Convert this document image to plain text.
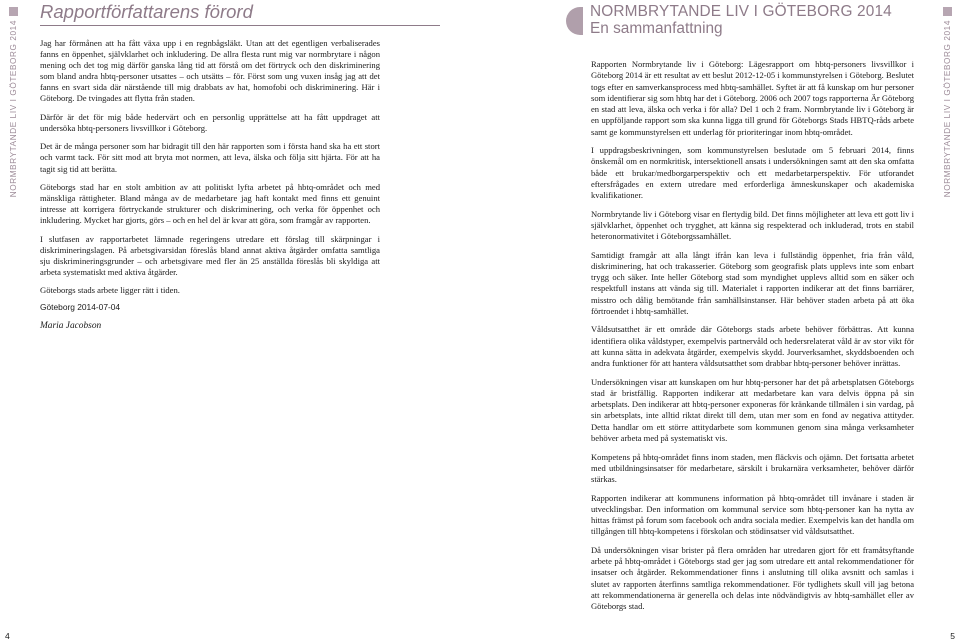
NORMBRYTANDE LIV I GÖTEBORG 2014
Rapportförfattarens förord

Jag har förmånen att ha fått växa upp i en regnbågsläkt. Utan att det egentligen verbaliserades fanns en öppenhet, självklarhet och inkludering. De allra flesta runt mig var normbrytare i någon mening och det tog mig därför ganska lång tid att förstå om det förtryck och den diskriminering som bland andra hbtq-personer utsattes – och utsätts – för. Först som ung vuxen insåg jag att det fanns en svart sida där närstående till mig drabbats av hat, homofobi och diskriminering. Här i Göteborg. De tvingades att flytta från staden.

Därför är det för mig både hedervärt och en personlig upprättelse att ha fått uppdraget att undersöka hbtq-personers livsvillkor i Göteborg.

Det är de många personer som har bidragit till den här rapporten som i första hand ska ha ett stort och varmt tack. För sitt mod att bryta mot normen, att leva, älska och följa sitt hjärta. För att ha tagit sig tid att berätta.

Göteborgs stad har en stolt ambition av att politiskt lyfta arbetet på hbtq-området och med mänskliga rättigheter. Bland många av de medarbetare jag haft kontakt med finns ett genuint intresse att korrigera förtryckande strukturer och diskriminering, och verka för öppenhet och inkludering. Mycket har gjorts, görs – och en hel del är kvar att göra, som framgår av rapporten.

I slutfasen av rapportarbetet lämnade regeringens utredare ett förslag till skärpningar i diskrimineringslagen. På arbetsgivarsidan föreslås bland annat aktiva åtgärder omfatta samtliga sju diskrimineringsgrunder – och arbetsgivare med fler än 25 anställda föreslås bli skyldiga att arbeta systematiskt med aktiva åtgärder.

Göteborgs stads arbete ligger rätt i tiden.

Göteborg 2014-07-04
Maria Jacobson
4
NORMBRYTANDE LIV I GÖTEBORG 2014
En sammanfattning

Rapporten Normbrytande liv i Göteborg: Lägesrapport om hbtq-personers livsvillkor i Göteborg 2014 är ett resultat av ett beslut 2012-12-05 i kommunstyrelsen i Göteborg. Beslutet togs efter en samverkansprocess med hbtq-samhället. Syftet är att få kunskap om hur personer som identifierar sig som hbtq har det i Göteborg. 2006 och 2007 togs rapporterna Är Göteborg en stad att leva, älska och verka i för alla? Del 1 och 2 fram. Normbrytande liv i Göteborg är en uppföljande rapport som ska kunna ligga till grund för Göteborgs Stads HBTQ-råds arbete samt ge kommunstyrelsen ett underlag för prioriteringar inom hbtq-området.

I uppdragsbeskrivningen, som kommunstyrelsen beslutade om 5 februari 2014, finns önskemål om en normkritisk, intersektionell ansats i undersökningen samt att den ska omfatta både ett brukar/medborgarperspektiv och ett medarbetarperspektiv. För utforandet eftersfrågades en extern utredare med erforderliga ämneskunskaper och akademiska kvalifikationer.

Normbrytande liv i Göteborg visar en flertydig bild. Det finns möjligheter att leva ett gott liv i självklarhet, öppenhet och trygghet, att känna sig respekterad och inkluderad, trots en stabil heteronormativitet i Göteborgssamhället.

Samtidigt framgår att alla långt ifrån kan leva i fullständig öppenhet, fria från våld, diskriminering, hat och trakasserier. Göteborg som geografisk plats upplevs inte som enbart trygg och säker. Inte heller Göteborg stad som myndighet upplevs alltid som en säker och respektfull instans att vända sig till. Materialet i rapporten indikerar att det finns barriärer, misstro och dålig bemötande från samhällsinstanser. Här behöver staden arbeta på att öka förtroendet i hbtq-samhället.

Våldsutsatthet är ett område där Göteborgs stads arbete behöver förbättras. Att kunna identifiera olika våldstyper, exempelvis partnervåld och hedersrelaterat våld är av stor vikt för att kunna sätta in adekvata åtgärder, exempelvis skydd. Jourverksamhet, skyddsboenden och andra funktioner för att hantera våldsutsatthet som drabbar hbtq-personer behöver inrättas.

Undersökningen visar att kunskapen om hur hbtq-personer har det på arbetsplatsen Göteborgs stad är bristfällig. Rapporten indikerar att medarbetare kan vara delvis öppna på sin arbetsplats. Den indikerar att hbtq-personer exponeras för kränkande tillmälen i sin vardag, på sin arbetsplats, inte alltid riktat direkt till dem, utan mer som en fond av negativa attityder. Detta handlar om ett större attitydarbete som kommunen genom sina många verksamheter behöver arbeta med på systematiskt vis.

Kompetens på hbtq-området finns inom staden, men fläckvis och ojämn. Det fortsatta arbetet med utbildningsinsatser för medarbetare, särskilt i brukarnära verksamheter, behöver därför stärkas.

Rapporten indikerar att kommunens information på hbtq-området till invånare i staden är utvecklingsbar. Den information om kommunal service som hbtq-personer kan ha nytta av hittas främst på forum som facebook och andra sociala medier. Exempelvis kan det handla om tillgången till hbtq-kompetens i förskolan och stödinsatser vid våldsutsatthet.

Då undersökningen visar brister på flera områden har utredaren gjort för ett framåtsyftande arbete på hbtq-området i Göteborgs stad ger jag som utredare ett antal rekommendationer för insatser och åtgärder. Rekommendationer finns i anslutning till olika avsnitt och samlas i slutet av rapporten återfinns samtliga rekommendationer. För tydlighets skull vill jag betona att rekommendationerna är generella och delas inte nödvändigtvis av hbtq-samhället eller av Göteborgs stad.

NORMBRYTANDE LIV I GÖTEBORG 2014
5
